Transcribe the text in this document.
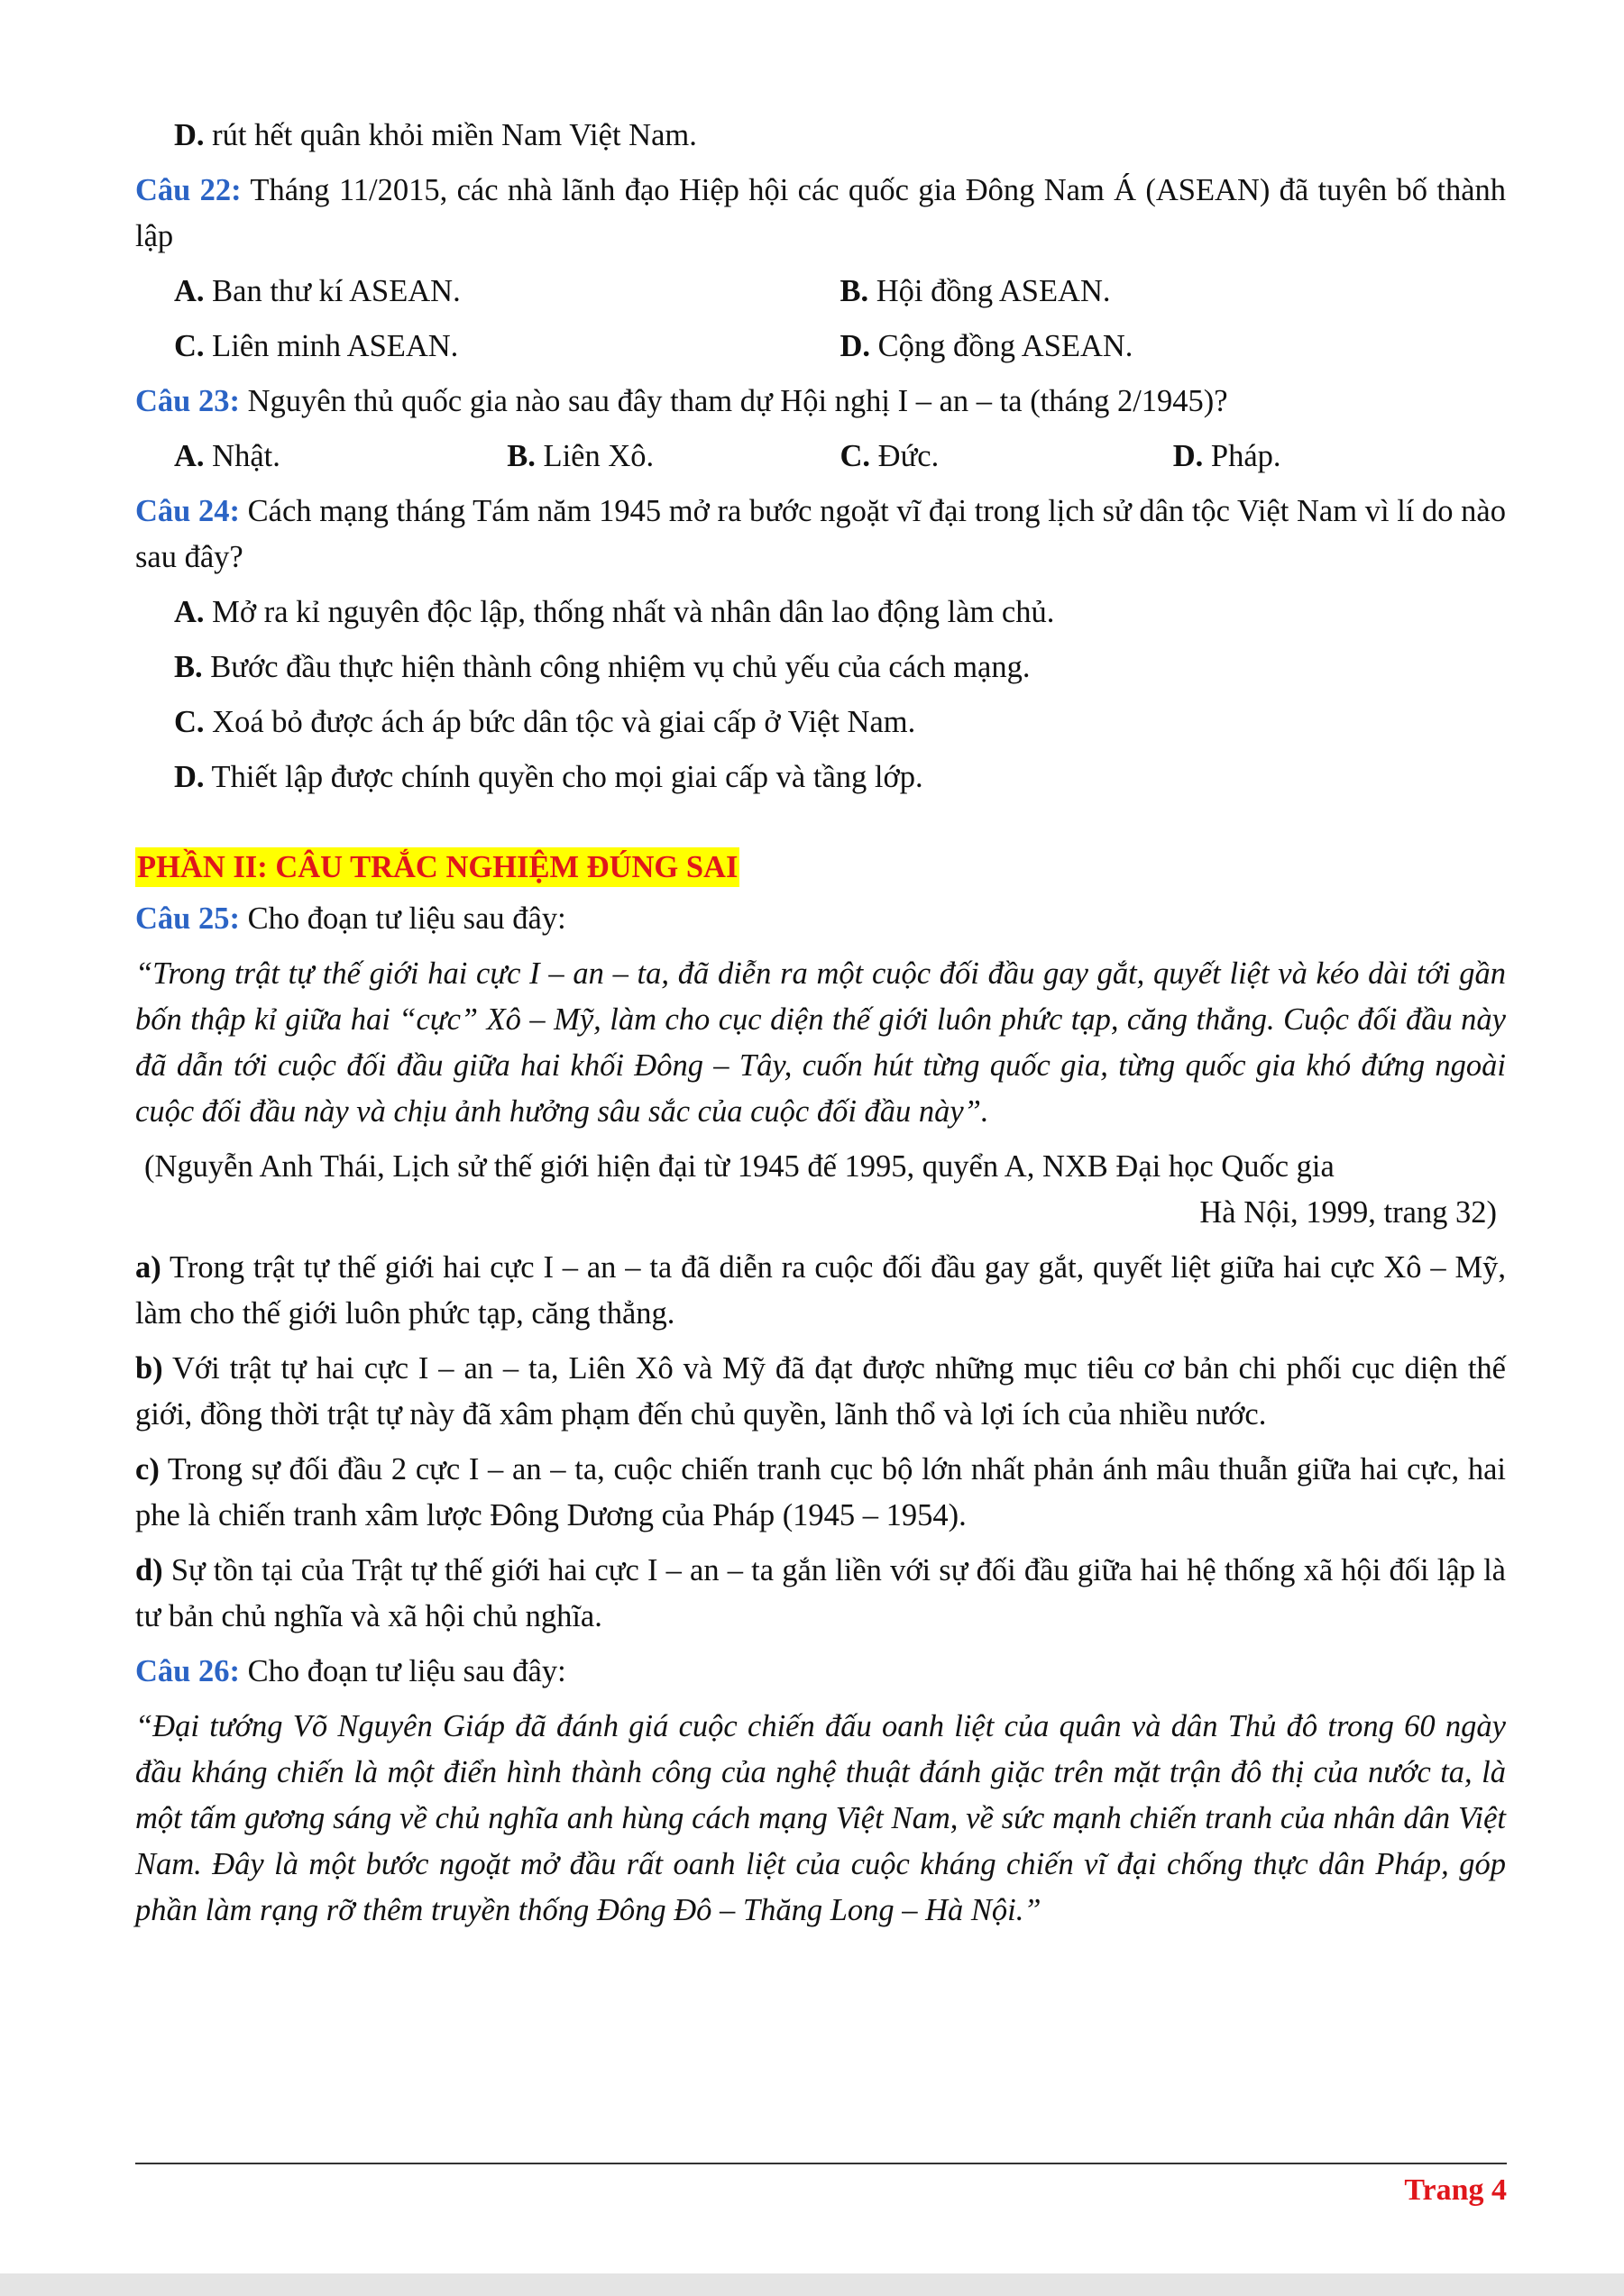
D. rút hết quân khỏi miền Nam Việt Nam.

Câu 22: Tháng 11/2015, các nhà lãnh đạo Hiệp hội các quốc gia Đông Nam Á (ASEAN) đã tuyên bố thành lập

A. Ban thư kí ASEAN.	B. Hội đồng ASEAN.
C. Liên minh ASEAN.	D. Cộng đồng ASEAN.

Câu 23: Nguyên thủ quốc gia nào sau đây tham dự Hội nghị I – an – ta (tháng 2/1945)?

A. Nhật.	B. Liên Xô.	C. Đức.	D. Pháp.

Câu 24: Cách mạng tháng Tám năm 1945 mở ra bước ngoặt vĩ đại trong lịch sử dân tộc Việt Nam vì lí do nào sau đây?

A. Mở ra kỉ nguyên độc lập, thống nhất và nhân dân lao động làm chủ.

B. Bước đầu thực hiện thành công nhiệm vụ chủ yếu của cách mạng.

C. Xoá bỏ được ách áp bức dân tộc và giai cấp ở Việt Nam.

D. Thiết lập được chính quyền cho mọi giai cấp và tầng lớp.

PHẦN II: CÂU TRẮC NGHIỆM ĐÚNG SAI

Câu 25: Cho đoạn tư liệu sau đây:

“Trong trật tự thế giới hai cực I – an – ta, đã diễn ra một cuộc đối đầu gay gắt, quyết liệt và kéo dài tới gần bốn thập kỉ giữa hai “cực” Xô – Mỹ, làm cho cục diện thế giới luôn phức tạp, căng thẳng. Cuộc đối đầu này đã dẫn tới cuộc đối đầu giữa hai khối Đông – Tây, cuốn hút từng quốc gia, từng quốc gia khó đứng ngoài cuộc đối đầu này và chịu ảnh hưởng sâu sắc của cuộc đối đầu này”.

(Nguyễn Anh Thái, Lịch sử thế giới hiện đại từ 1945 đế 1995, quyển A, NXB Đại học Quốc gia
Hà Nội, 1999, trang 32)

a) Trong trật tự thế giới hai cực I – an – ta đã diễn ra cuộc đối đầu gay gắt, quyết liệt giữa hai cực Xô – Mỹ, làm cho thế giới luôn phức tạp, căng thẳng.

b) Với trật tự hai cực I – an – ta, Liên Xô và Mỹ đã đạt được những mục tiêu cơ bản chi phối cục diện thế giới, đồng thời trật tự này đã xâm phạm đến chủ quyền, lãnh thổ và lợi ích của nhiều nước.

c) Trong sự đối đầu 2 cực I – an – ta, cuộc chiến tranh cục bộ lớn nhất phản ánh mâu thuẫn giữa hai cực, hai phe là chiến tranh xâm lược Đông Dương của Pháp (1945 – 1954).

d) Sự tồn tại của Trật tự thế giới hai cực I – an – ta gắn liền với sự đối đầu giữa hai hệ thống xã hội đối lập là tư bản chủ nghĩa và xã hội chủ nghĩa.

Câu 26: Cho đoạn tư liệu sau đây:

“Đại tướng Võ Nguyên Giáp đã đánh giá cuộc chiến đấu oanh liệt của quân và dân Thủ đô trong 60 ngày đầu kháng chiến là một điển hình thành công của nghệ thuật đánh giặc trên mặt trận đô thị của nước ta, là một tấm gương sáng về chủ nghĩa anh hùng cách mạng Việt Nam, về sức mạnh chiến tranh của nhân dân Việt Nam. Đây là một bước ngoặt mở đầu rất oanh liệt của cuộc kháng chiến vĩ đại chống thực dân Pháp, góp phần làm rạng rỡ thêm truyền thống Đông Đô – Thăng Long – Hà Nội.”

Trang 4
